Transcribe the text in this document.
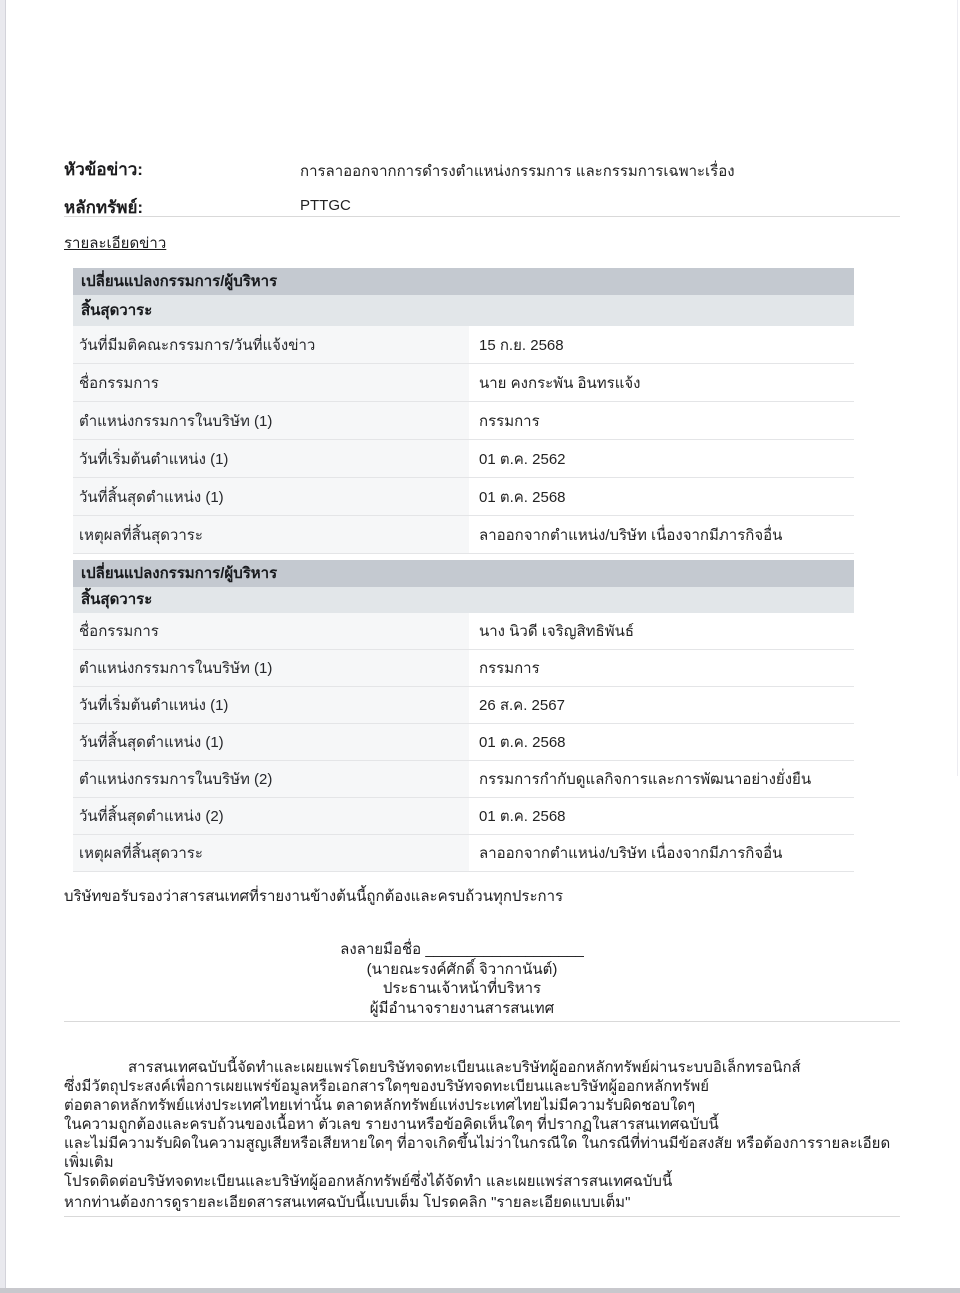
หัวข้อข่าว:	การลาออกจากการดำรงตำแหน่งกรรมการ และกรรมการเฉพาะเรื่อง
หลักทรัพย์:	PTTGC
รายละเอียดข่าว
เปลี่ยนแปลงกรรมการ/ผู้บริหาร
สิ้นสุดวาระ
วันที่มีมติคณะกรรมการ/วันที่แจ้งข่าว	15 ก.ย. 2568
ชื่อกรรมการ	นาย คงกระพัน อินทรแจ้ง
ตำแหน่งกรรมการในบริษัท (1)	กรรมการ
วันที่เริ่มต้นตำแหน่ง (1)	01 ต.ค. 2562
วันที่สิ้นสุดตำแหน่ง (1)	01 ต.ค. 2568
เหตุผลที่สิ้นสุดวาระ	ลาออกจากตำแหน่ง/บริษัท เนื่องจากมีภารกิจอื่น
เปลี่ยนแปลงกรรมการ/ผู้บริหาร
สิ้นสุดวาระ
ชื่อกรรมการ	นาง นิวดี เจริญสิทธิพันธ์
ตำแหน่งกรรมการในบริษัท (1)	กรรมการ
วันที่เริ่มต้นตำแหน่ง (1)	26 ส.ค. 2567
วันที่สิ้นสุดตำแหน่ง (1)	01 ต.ค. 2568
ตำแหน่งกรรมการในบริษัท (2)	กรรมการกำกับดูแลกิจการและการพัฒนาอย่างยั่งยืน
วันที่สิ้นสุดตำแหน่ง (2)	01 ต.ค. 2568
เหตุผลที่สิ้นสุดวาระ	ลาออกจากตำแหน่ง/บริษัท เนื่องจากมีภารกิจอื่น
บริษัทขอรับรองว่าสารสนเทศที่รายงานข้างต้นนี้ถูกต้องและครบถ้วนทุกประการ
ลงลายมือชื่อ ___________________
(นายณะรงค์ศักดิ์ จิวากานันต์)
ประธานเจ้าหน้าที่บริหาร
ผู้มีอำนาจรายงานสารสนเทศ
สารสนเทศฉบับนี้จัดทำและเผยแพร่โดยบริษัทจดทะเบียนและบริษัทผู้ออกหลักทรัพย์ผ่านระบบอิเล็กทรอนิกส์
ซึ่งมีวัตถุประสงค์เพื่อการเผยแพร่ข้อมูลหรือเอกสารใดๆของบริษัทจดทะเบียนและบริษัทผู้ออกหลักทรัพย์
ต่อตลาดหลักทรัพย์แห่งประเทศไทยเท่านั้น ตลาดหลักทรัพย์แห่งประเทศไทยไม่มีความรับผิดชอบใดๆ
ในความถูกต้องและครบถ้วนของเนื้อหา ตัวเลข รายงานหรือข้อคิดเห็นใดๆ ที่ปรากฏในสารสนเทศฉบับนี้
และไม่มีความรับผิดในความสูญเสียหรือเสียหายใดๆ ที่อาจเกิดขึ้นไม่ว่าในกรณีใด ในกรณีที่ท่านมีข้อสงสัย หรือต้องการรายละเอียดเพิ่มเติม
โปรดติดต่อบริษัทจดทะเบียนและบริษัทผู้ออกหลักทรัพย์ซึ่งได้จัดทำ และเผยแพร่สารสนเทศฉบับนี้
หากท่านต้องการดูรายละเอียดสารสนเทศฉบับนี้แบบเต็ม โปรดคลิก "รายละเอียดแบบเต็ม"
